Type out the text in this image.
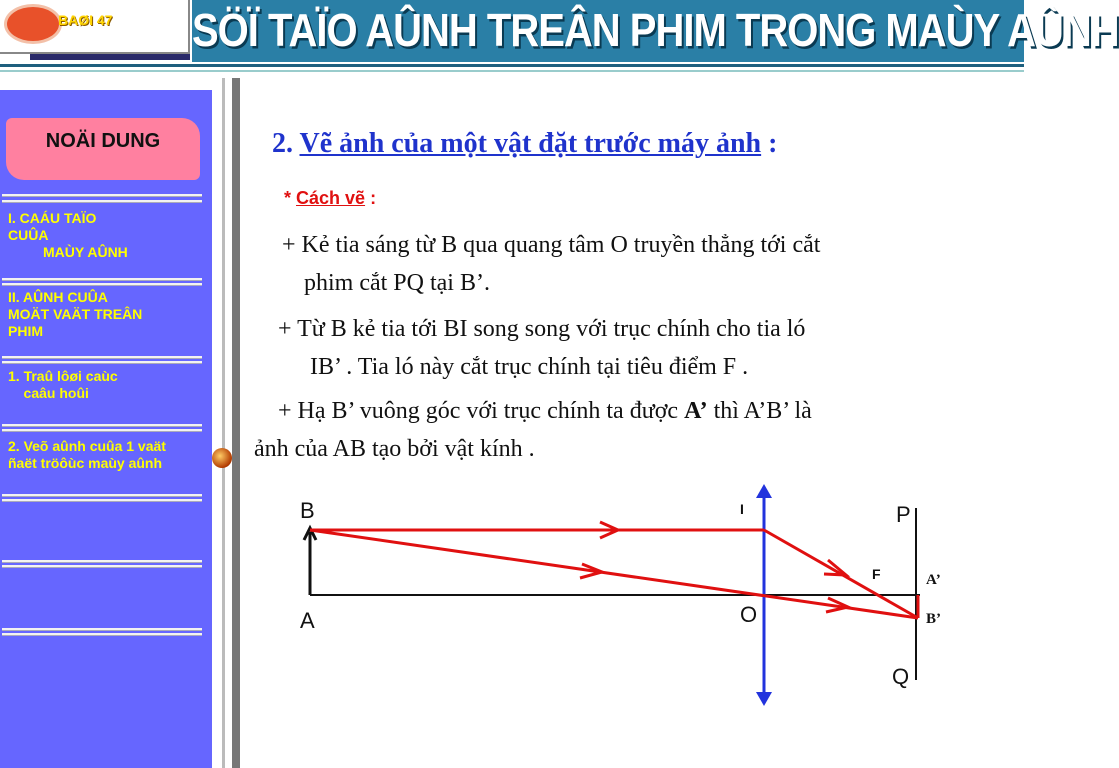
SÖÏ TAÏO AÛNH TREÂN PHIM TRONG MAÙY AÛNH
BAØI 47
NOÄI DUNG
I. CAÁU TAÏO
CUÛA
MAÙY AÛNH
II. AÛNH CUÛA
MOÄT VAÄT TREÂN
PHIM
1. Traû lôøi caùc
caâu hoûi
2. Veõ aûnh cuûa 1 vaät
ñaët tröôùc maùy aûnh
2. Vẽ ảnh của một vật đặt trước máy ảnh :
* Cách vẽ :
+ Kẻ tia sáng từ B qua quang tâm O truyền thẳng tới cắt
phim cắt PQ tại B’.
+ Từ B kẻ tia tới BI song song với trục chính cho tia ló
IB’ . Tia ló này cắt trục chính tại tiêu điểm F .
+ Hạ B’ vuông góc với trục chính ta được A’ thì A’B’ là
ảnh của AB tạo bởi vật kính .
B
A
I
O
F
P
Q
A’
B’
